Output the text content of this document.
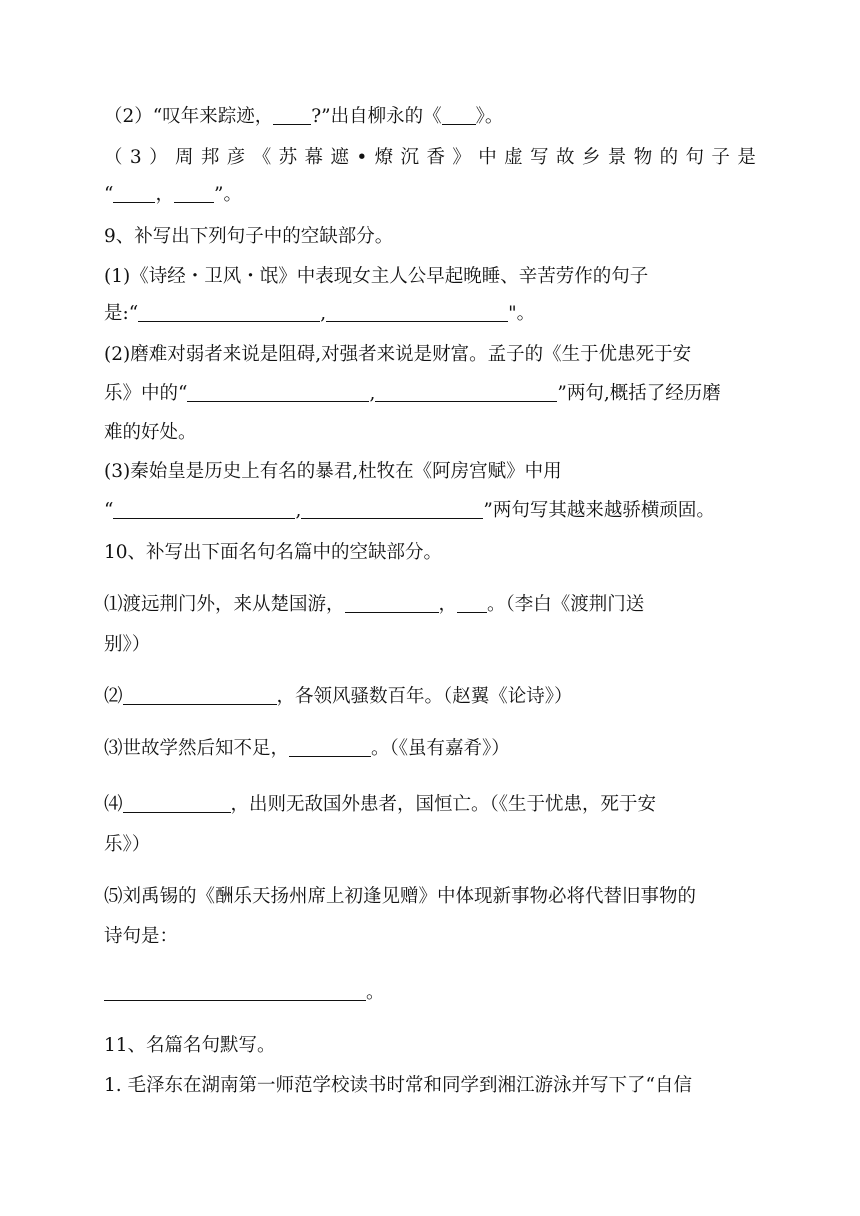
（2）“叹年来踪迹， ?”出自柳永的《 》。
（ 3 ） 周 邦 彦 《 苏 幕 遮 • 燎 沉 香 》 中 虚 写 故 乡 景 物 的 句 子 是
“ ， ”。
9、补写出下列句子中的空缺部分。
(1)《诗经・卫风・氓》中表现女主人公早起晚睡、辛苦劳作的句子
是:“	,	"。
(2)磨难对弱者来说是阻碍,对强者来说是财富。孟子的《生于优患死于安
乐》中的“	,	”两句,概括了经历磨
难的好处。
(3)秦始皇是历史上有名的暴君,杜牧在《阿房宫赋》中用
“	,	”两句写其越来越骄横顽固。
10、补写出下面名句名篇中的空缺部分。
⑴渡远荆门外，来从楚国游，	， 。（李白《渡荆门送
别》）
⑵	，各领风骚数百年。（赵翼《论诗》）
⑶世故学然后知不足，	。（《虽有嘉肴》）
⑷	，出则无敌国外患者，国恒亡。（《生于忧患，死于安
乐》）
⑸刘禹锡的《酬乐天扬州席上初逢见赠》中体现新事物必将代替旧事物的
诗句是：
。
11、名篇名句默写。
1. 毛泽东在湖南第一师范学校读书时常和同学到湘江游泳并写下了“自信
